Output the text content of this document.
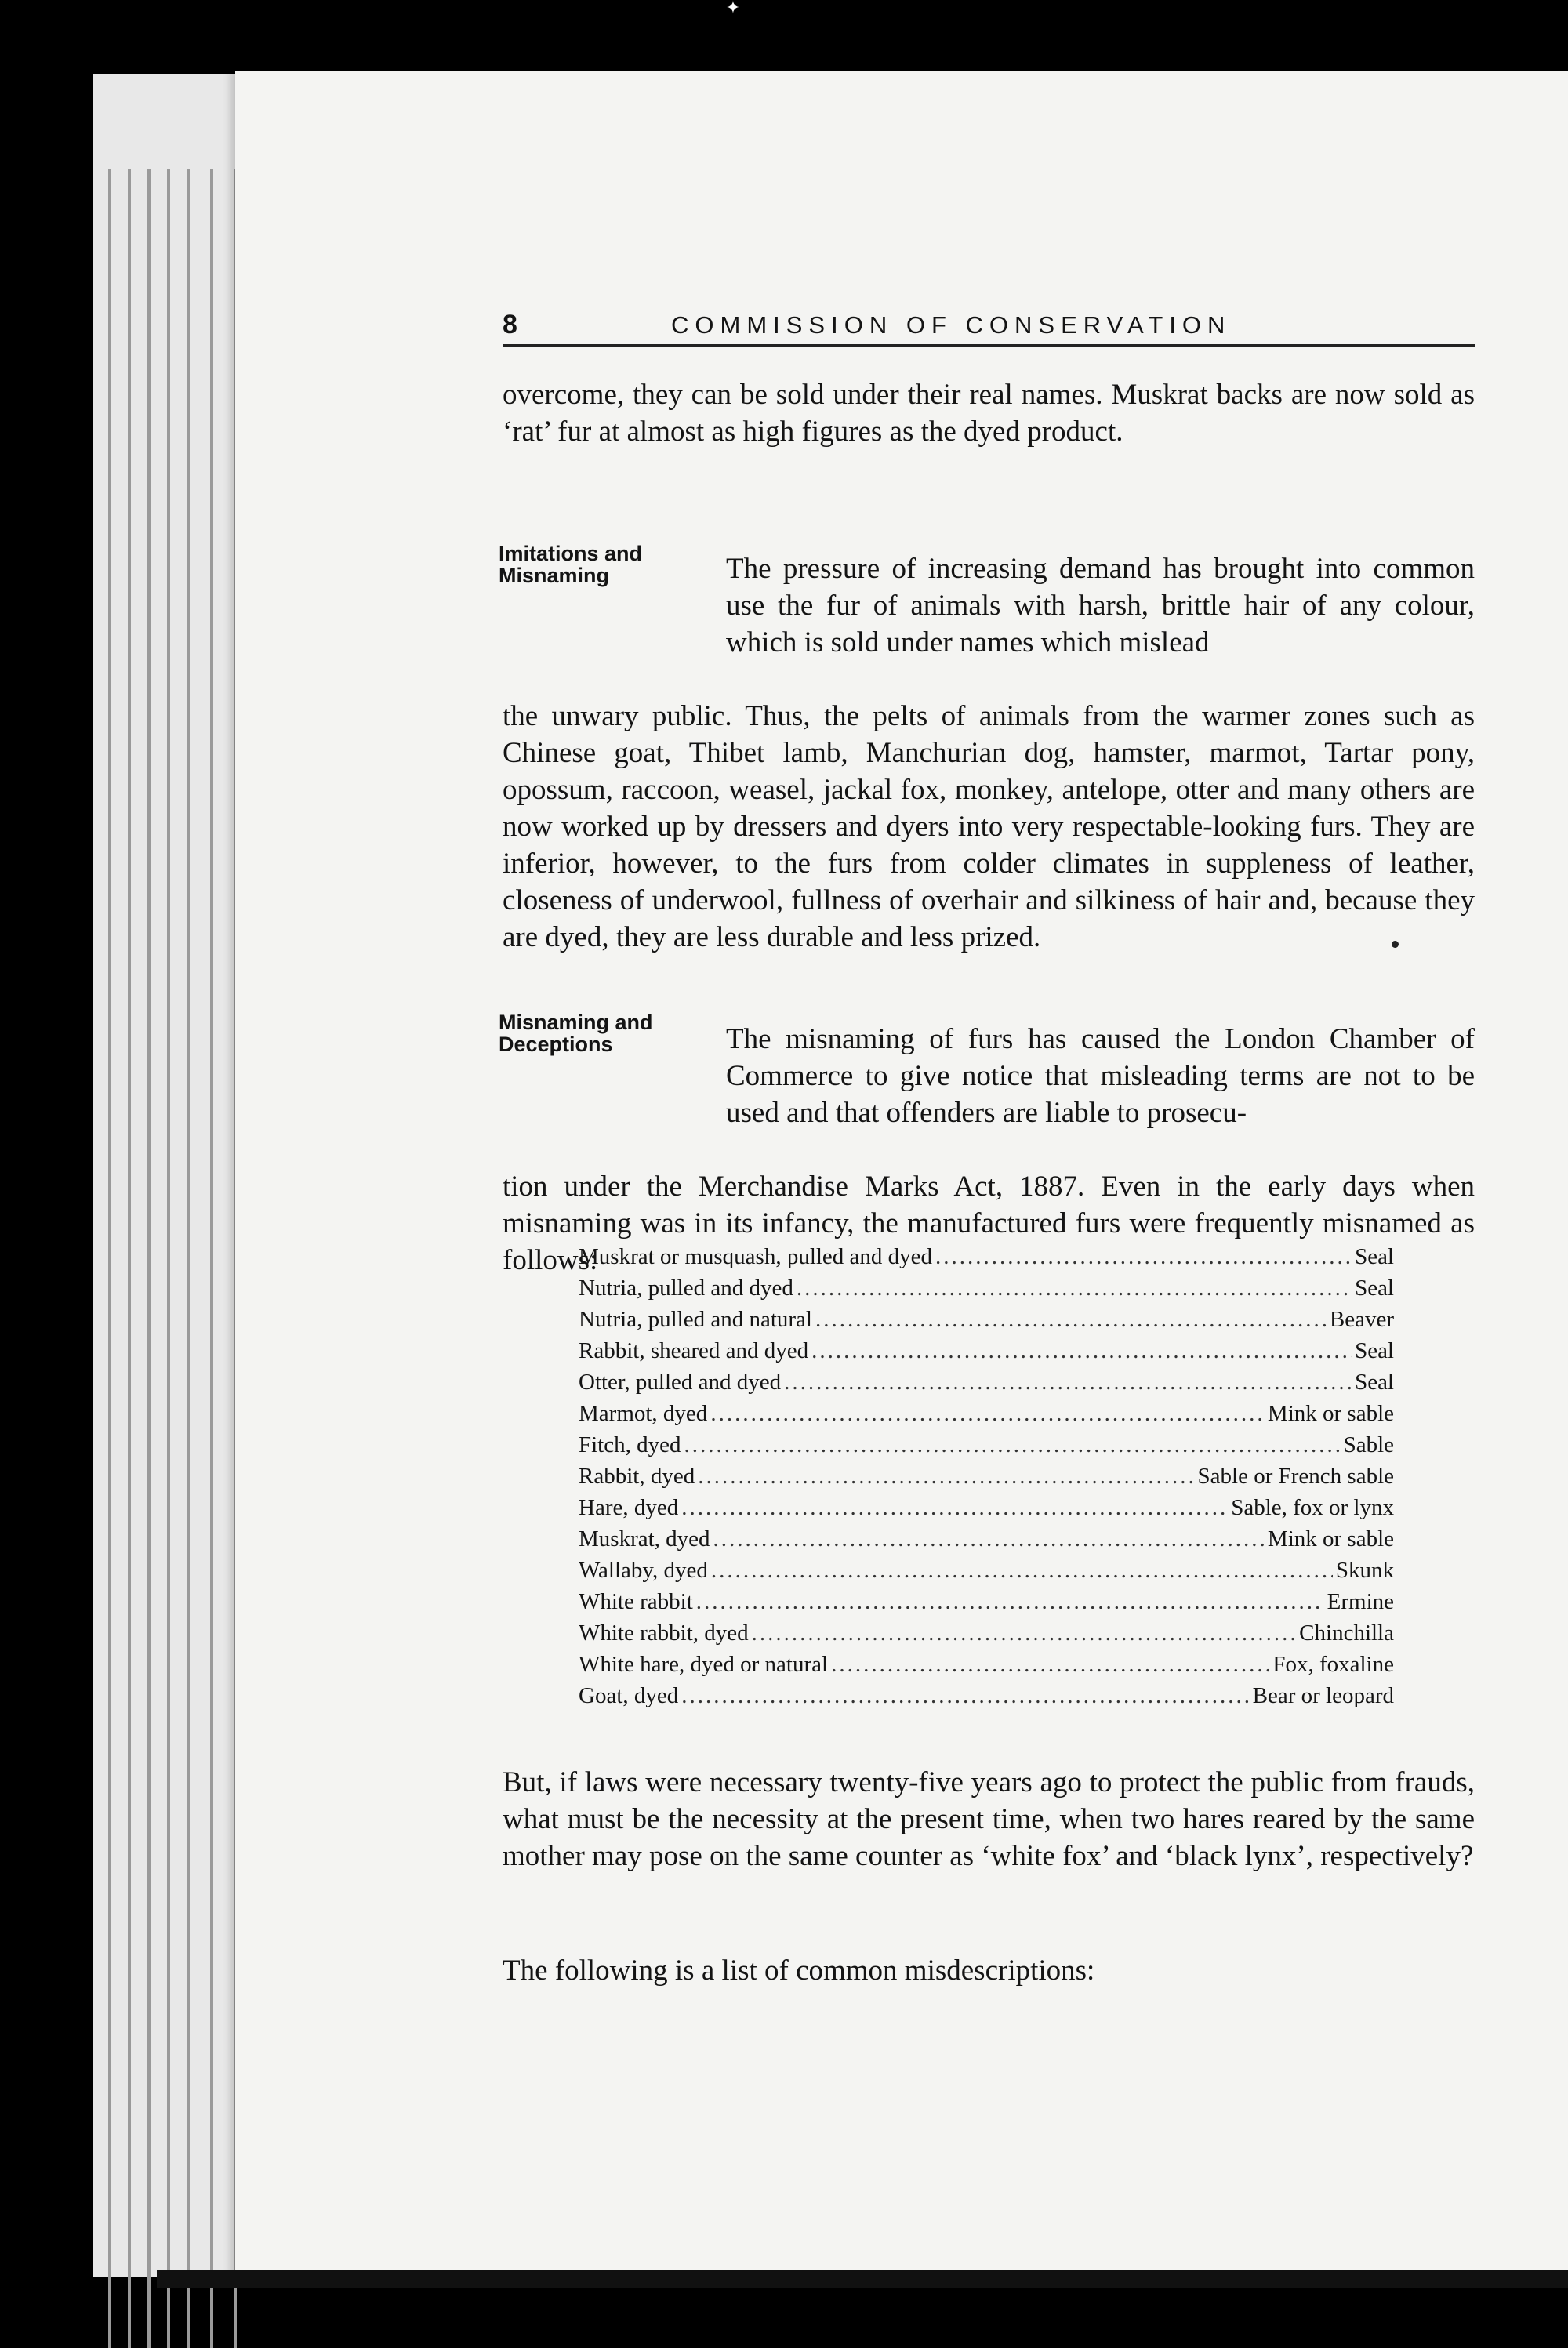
✦
8	COMMISSION OF CONSERVATION
overcome, they can be sold under their real names. Muskrat backs are now sold as ‘rat’ fur at almost as high figures as the dyed product.
Imitations and
Misnaming	The pressure of increasing demand has brought into common use the fur of animals with harsh, brittle hair of any colour, which is sold under names which mislead

the unwary public. Thus, the pelts of animals from the warmer zones such as Chinese goat, Thibet lamb, Manchurian dog, hamster, marmot, Tartar pony, opossum, raccoon, weasel, jackal fox, monkey, antelope, otter and many others are now worked up by dressers and dyers into very respectable-looking furs. They are inferior, however, to the furs from colder climates in suppleness of leather, closeness of underwool, fullness of overhair and silkiness of hair and, because they are dyed, they are less durable and less prized.

Misnaming and
Deceptions	The misnaming of furs has caused the London Chamber of Commerce to give notice that misleading terms are not to be used and that offenders are liable to prosecu-

tion under the Merchandise Marks Act, 1887. Even in the early days when misnaming was in its infancy, the manufactured furs were frequently misnamed as follows:

Muskrat or musquash, pulled and dyed .....	Seal
Nutria, pulled and dyed .....	Seal
Nutria, pulled and natural .....	Beaver
Rabbit, sheared and dyed .....	Seal
Otter, pulled and dyed .....	Seal
Marmot, dyed .....	Mink or sable
Fitch, dyed .....	Sable
Rabbit, dyed .....	Sable or French sable
Hare, dyed .....	Sable, fox or lynx
Muskrat, dyed .....	Mink or sable
Wallaby, dyed .....	Skunk
White rabbit .....	Ermine
White rabbit, dyed .....	Chinchilla
White hare, dyed or natural .....	Fox, foxaline
Goat, dyed .....	Bear or leopard
But, if laws were necessary twenty-five years ago to protect the public from frauds, what must be the necessity at the present time, when two hares reared by the same mother may pose on the same counter as ‘white fox’ and ‘black lynx’, respectively?
The following is a list of common misdescriptions:
